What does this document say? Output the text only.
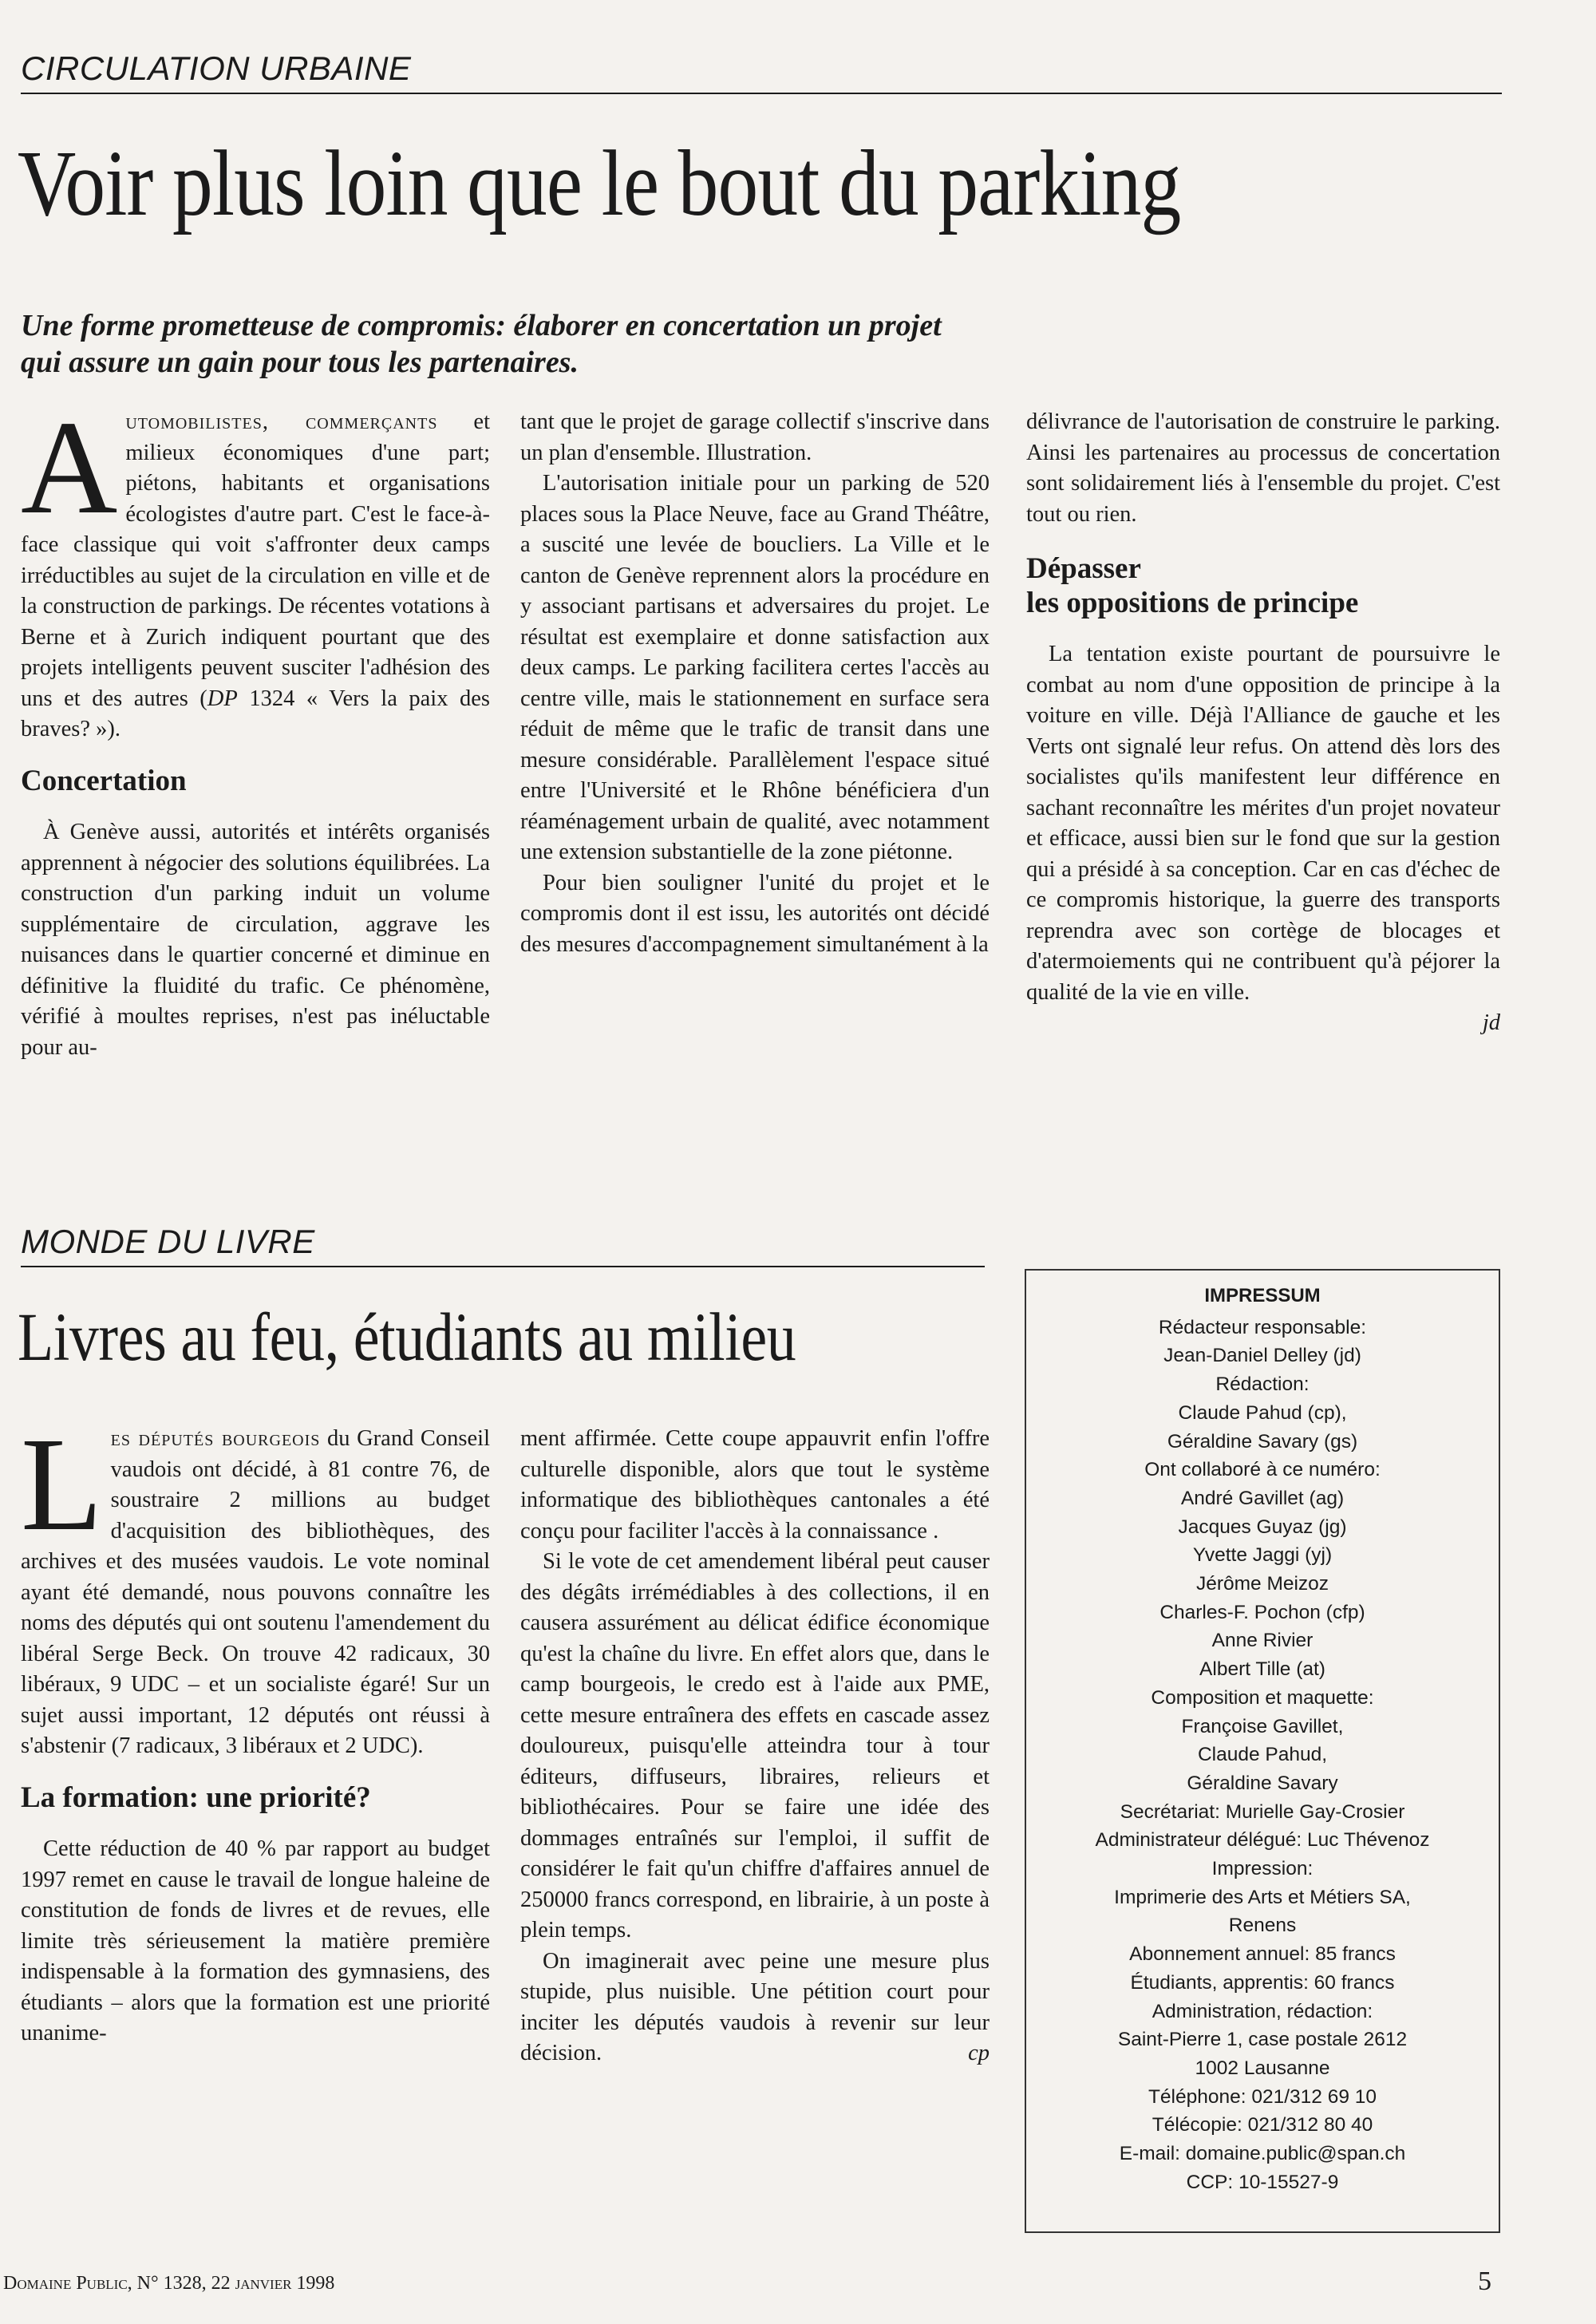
CIRCULATION URBAINE
Voir plus loin que le bout du parking
Une forme prometteuse de compromis: élaborer en concertation un projet
qui assure un gain pour tous les partenaires.

Automobilistes, commerçants et milieux économiques d'une part; piétons, habitants et organisations écologistes d'autre part. C'est le face-à-face classique qui voit s'affronter deux camps irréductibles au sujet de la circulation en ville et de la construction de parkings. De récentes votations à Berne et à Zurich indiquent pourtant que des projets intelligents peuvent susciter l'adhésion des uns et des autres (DP 1324 « Vers la paix des braves? »).

Concertation

À Genève aussi, autorités et intérêts organisés apprennent à négocier des solutions équilibrées. La construction d'un parking induit un volume supplémentaire de circulation, aggrave les nuisances dans le quartier concerné et diminue en définitive la fluidité du trafic. Ce phénomène, vérifié à moultes reprises, n'est pas inéluctable pour au-

tant que le projet de garage collectif s'inscrive dans un plan d'ensemble. Illustration.

L'autorisation initiale pour un parking de 520 places sous la Place Neuve, face au Grand Théâtre, a suscité une levée de boucliers. La Ville et le canton de Genève reprennent alors la procédure en y associant partisans et adversaires du projet. Le résultat est exemplaire et donne satisfaction aux deux camps. Le parking facilitera certes l'accès au centre ville, mais le stationnement en surface sera réduit de même que le trafic de transit dans une mesure considérable. Parallèlement l'espace situé entre l'Université et le Rhône bénéficiera d'un réaménagement urbain de qualité, avec notamment une extension substantielle de la zone piétonne.

Pour bien souligner l'unité du projet et le compromis dont il est issu, les autorités ont décidé des mesures d'accompagnement simultanément à la

délivrance de l'autorisation de construire le parking. Ainsi les partenaires au processus de concertation sont solidairement liés à l'ensemble du projet. C'est tout ou rien.

Dépasser
les oppositions de principe

La tentation existe pourtant de poursuivre le combat au nom d'une opposition de principe à la voiture en ville. Déjà l'Alliance de gauche et les Verts ont signalé leur refus. On attend dès lors des socialistes qu'ils manifestent leur différence en sachant reconnaître les mérites d'un projet novateur et efficace, aussi bien sur le fond que sur la gestion qui a présidé à sa conception. Car en cas d'échec de ce compromis historique, la guerre des transports reprendra avec son cortège de blocages et d'atermoiements qui ne contribuent qu'à péjorer la qualité de la vie en ville.

jd
MONDE DU LIVRE
Livres au feu, étudiants au milieu

Les députés bourgeois du Grand Conseil vaudois ont décidé, à 81 contre 76, de soustraire 2 millions au budget d'acquisition des bibliothèques, des archives et des musées vaudois. Le vote nominal ayant été demandé, nous pouvons connaître les noms des députés qui ont soutenu l'amendement du libéral Serge Beck. On trouve 42 radicaux, 30 libéraux, 9 UDC – et un socialiste égaré! Sur un sujet aussi important, 12 députés ont réussi à s'abstenir (7 radicaux, 3 libéraux et 2 UDC).

La formation: une priorité?

Cette réduction de 40 % par rapport au budget 1997 remet en cause le travail de longue haleine de constitution de fonds de livres et de revues, elle limite très sérieusement la matière première indispensable à la formation des gymnasiens, des étudiants – alors que la formation est une priorité unanime-

ment affirmée. Cette coupe appauvrit enfin l'offre culturelle disponible, alors que tout le système informatique des bibliothèques cantonales a été conçu pour faciliter l'accès à la connaissance .

Si le vote de cet amendement libéral peut causer des dégâts irrémédiables à des collections, il en causera assurément au délicat édifice économique qu'est la chaîne du livre. En effet alors que, dans le camp bourgeois, le credo est à l'aide aux PME, cette mesure entraînera des effets en cascade assez douloureux, puisqu'elle atteindra tour à tour éditeurs, diffuseurs, libraires, relieurs et bibliothécaires. Pour se faire une idée des dommages entraînés sur l'emploi, il suffit de considérer le fait qu'un chiffre d'affaires annuel de 250000 francs correspond, en librairie, à un poste à plein temps.

On imaginerait avec peine une mesure plus stupide, plus nuisible. Une pétition court pour inciter les députés vaudois à revenir sur leur décision.	cp

IMPRESSUM
Rédacteur responsable:
Jean-Daniel Delley (jd)
Rédaction:
Claude Pahud (cp),
Géraldine Savary (gs)
Ont collaboré à ce numéro:
André Gavillet (ag)
Jacques Guyaz (jg)
Yvette Jaggi (yj)
Jérôme Meizoz
Charles-F. Pochon (cfp)
Anne Rivier
Albert Tille (at)
Composition et maquette:
Françoise Gavillet,
Claude Pahud,
Géraldine Savary
Secrétariat: Murielle Gay-Crosier
Administrateur délégué: Luc Thévenoz
Impression:
Imprimerie des Arts et Métiers SA,
Renens
Abonnement annuel: 85 francs
Étudiants, apprentis: 60 francs
Administration, rédaction:
Saint-Pierre 1, case postale 2612
1002 Lausanne
Téléphone: 021/312 69 10
Télécopie: 021/312 80 40
E-mail: domaine.public@span.ch
CCP: 10-15527-9
Domaine Public, N° 1328, 22 janvier 1998	5
